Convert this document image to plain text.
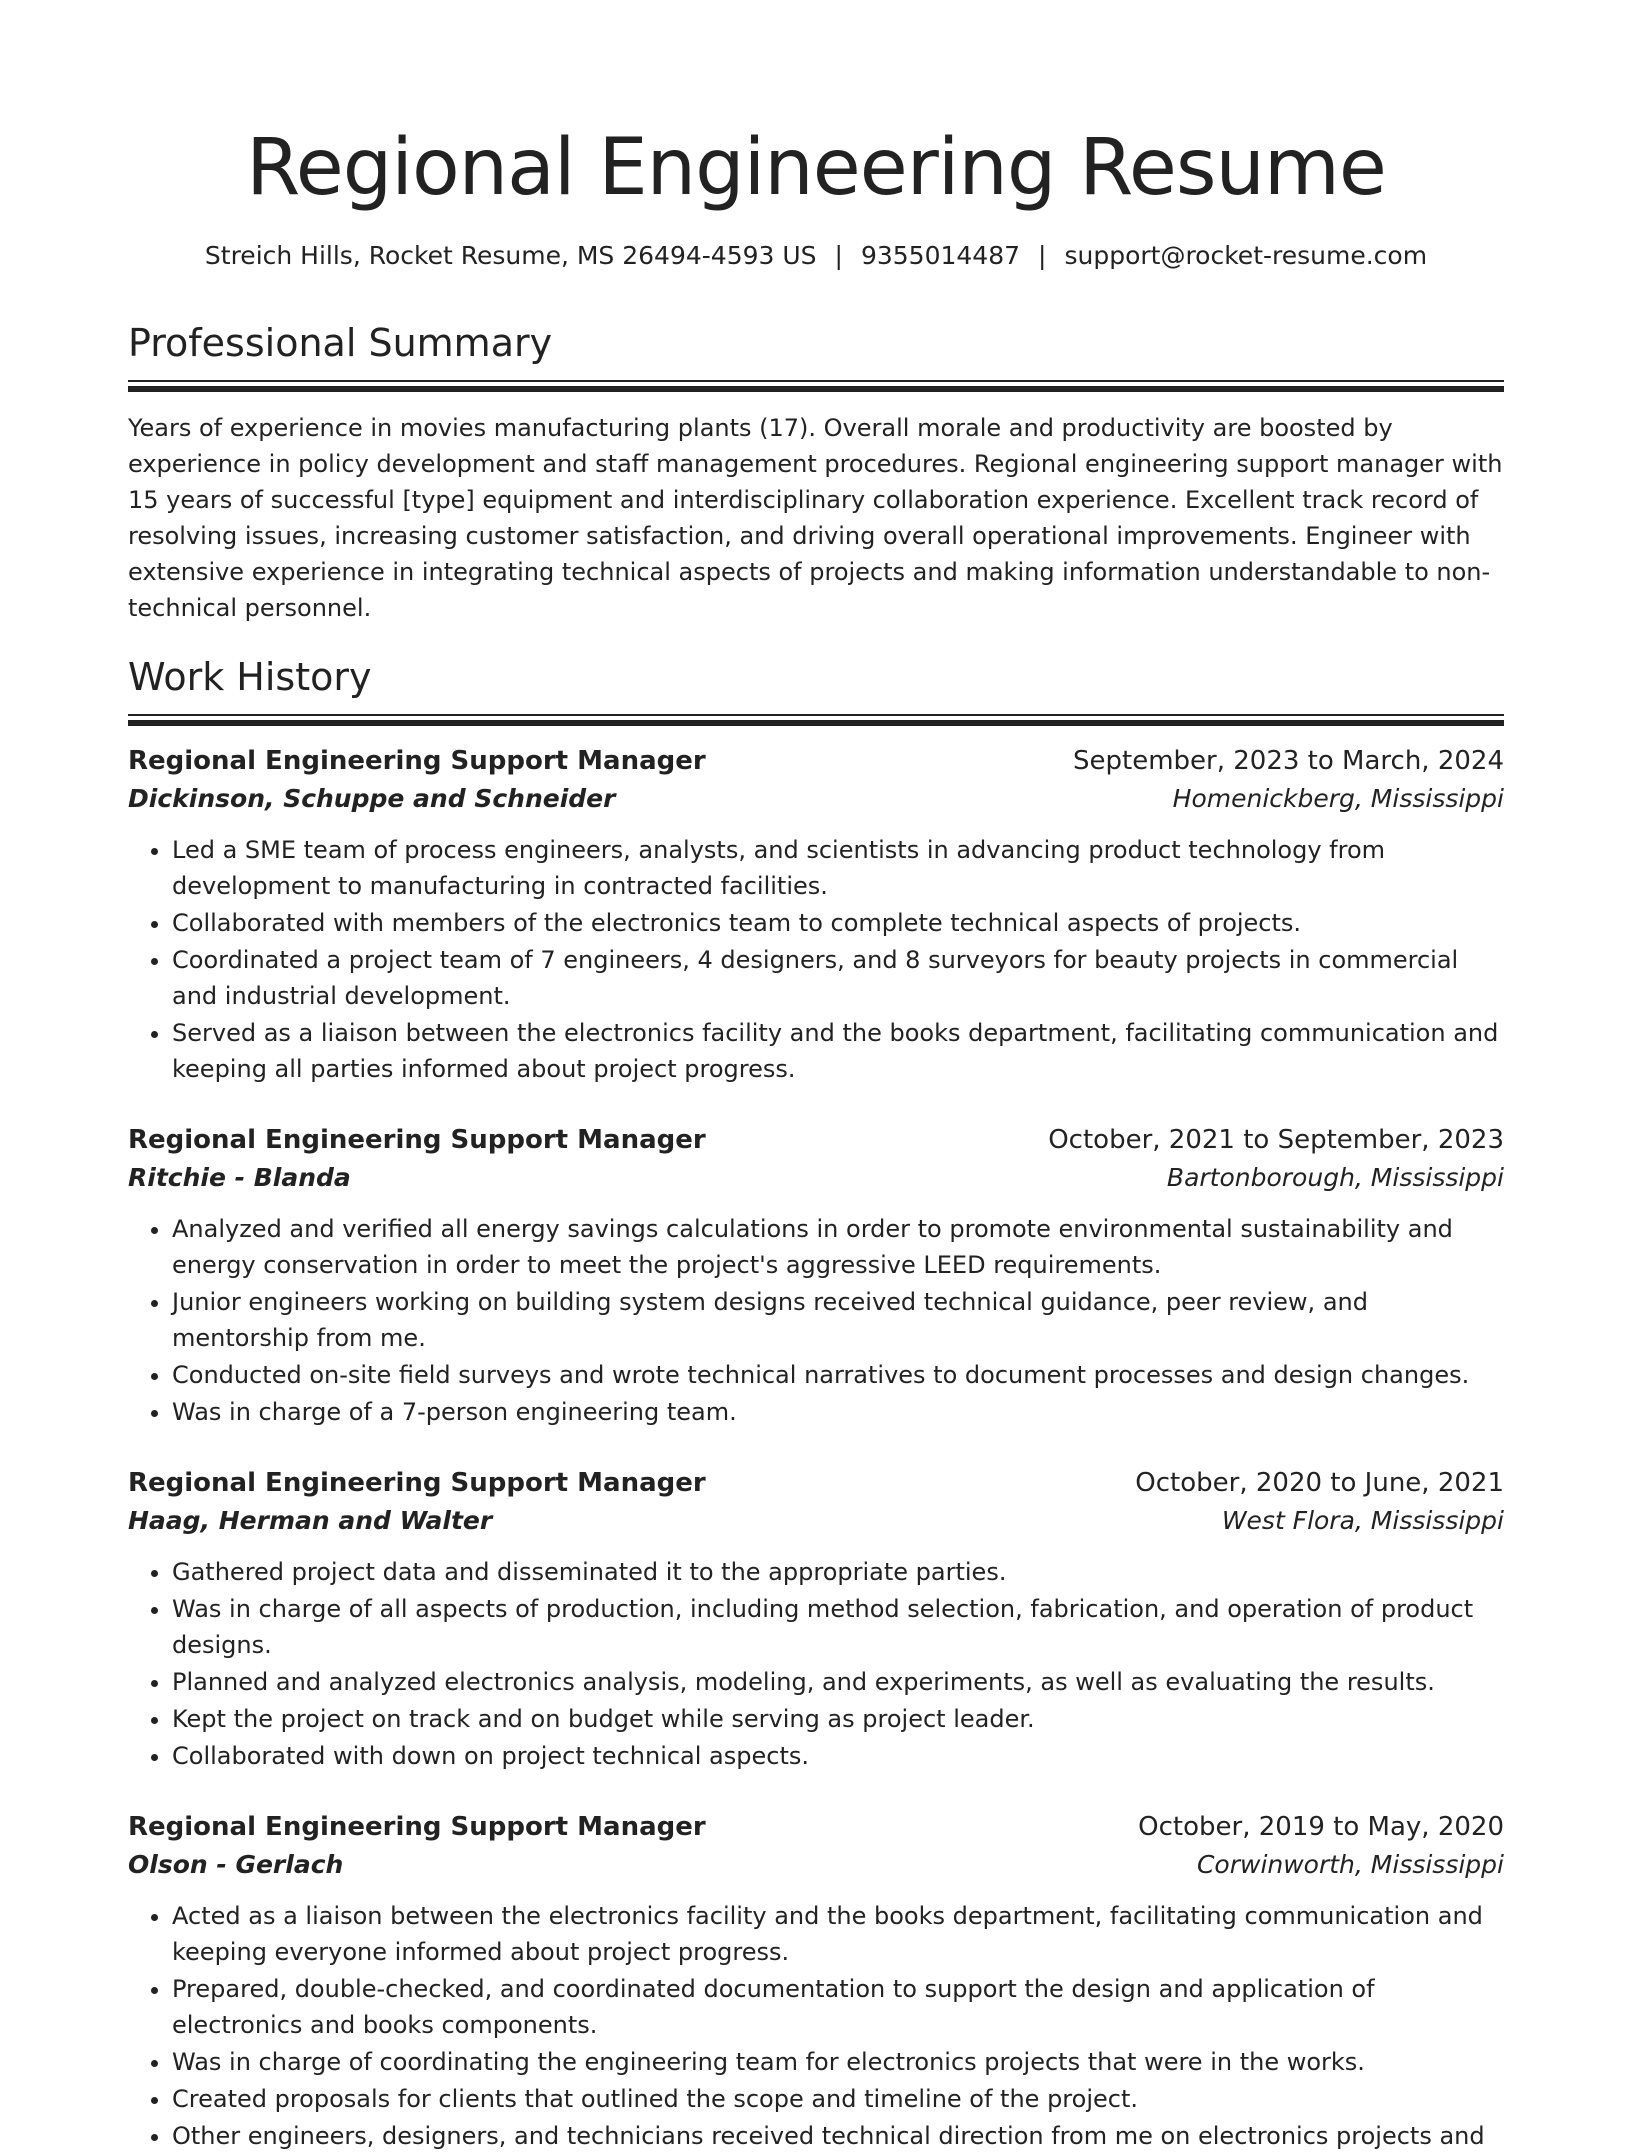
Regional Engineering Resume
Streich Hills, Rocket Resume, MS 26494-4593 US | 9355014487 | support@rocket-resume.com
Professional Summary

Years of experience in movies manufacturing plants (17). Overall morale and productivity are boosted by experience in policy development and staff management procedures. Regional engineering support manager with 15 years of successful [type] equipment and interdisciplinary collaboration experience. Excellent track record of resolving issues, increasing customer satisfaction, and driving overall operational improvements. Engineer with extensive experience in integrating technical aspects of projects and making information understandable to non-technical personnel.

Work History
Regional Engineering Support Manager	September, 2023 to March, 2024
Dickinson, Schuppe and Schneider	Homenickberg, Mississippi
• Led a SME team of process engineers, analysts, and scientists in advancing product technology from development to manufacturing in contracted facilities.
• Collaborated with members of the electronics team to complete technical aspects of projects.
• Coordinated a project team of 7 engineers, 4 designers, and 8 surveyors for beauty projects in commercial and industrial development.
• Served as a liaison between the electronics facility and the books department, facilitating communication and keeping all parties informed about project progress.
Regional Engineering Support Manager	October, 2021 to September, 2023
Ritchie - Blanda	Bartonborough, Mississippi
• Analyzed and verified all energy savings calculations in order to promote environmental sustainability and energy conservation in order to meet the project's aggressive LEED requirements.
• Junior engineers working on building system designs received technical guidance, peer review, and mentorship from me.
• Conducted on-site field surveys and wrote technical narratives to document processes and design changes.
• Was in charge of a 7-person engineering team.
Regional Engineering Support Manager	October, 2020 to June, 2021
Haag, Herman and Walter	West Flora, Mississippi
• Gathered project data and disseminated it to the appropriate parties.
• Was in charge of all aspects of production, including method selection, fabrication, and operation of product designs.
• Planned and analyzed electronics analysis, modeling, and experiments, as well as evaluating the results.
• Kept the project on track and on budget while serving as project leader.
• Collaborated with down on project technical aspects.
Regional Engineering Support Manager	October, 2019 to May, 2020
Olson - Gerlach	Corwinworth, Mississippi
• Acted as a liaison between the electronics facility and the books department, facilitating communication and keeping everyone informed about project progress.
• Prepared, double-checked, and coordinated documentation to support the design and application of electronics and books components.
• Was in charge of coordinating the engineering team for electronics projects that were in the works.
• Created proposals for clients that outlined the scope and timeline of the project.
• Other engineers, designers, and technicians received technical direction from me on electronics projects and
